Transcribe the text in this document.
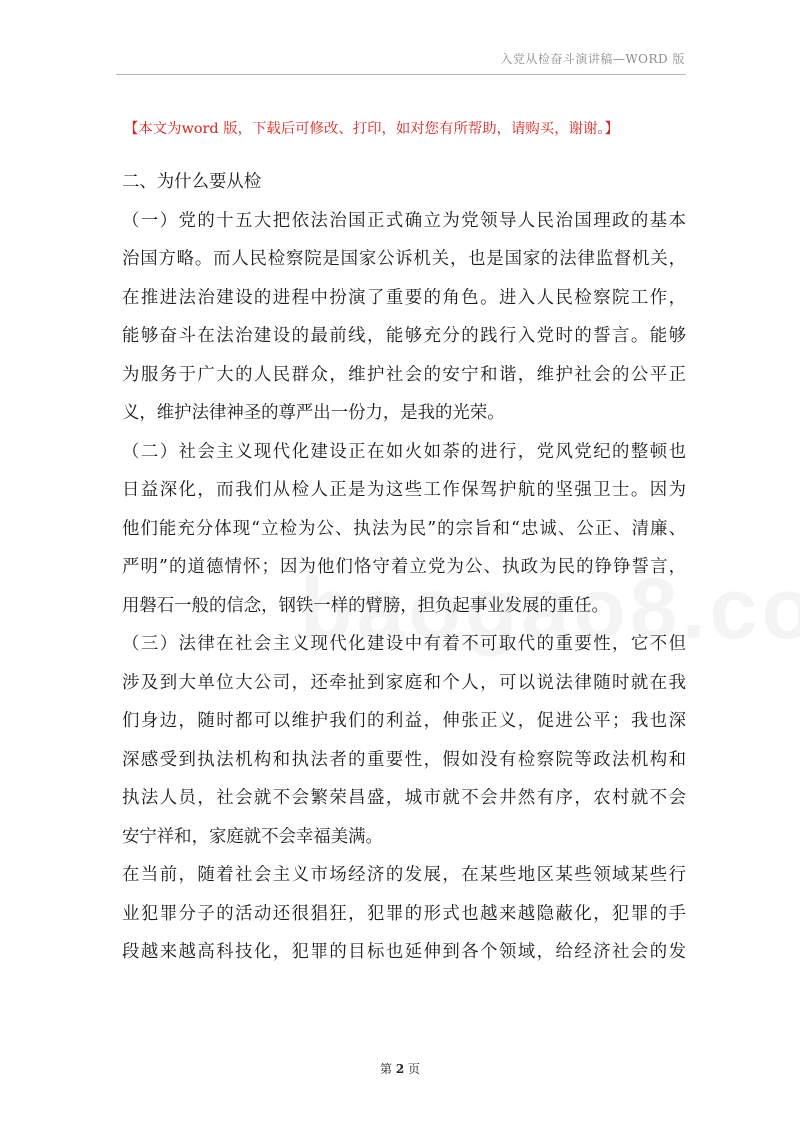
入党从检奋斗演讲稿—WORD 版
【本文为word 版，下载后可修改、打印，如对您有所帮助，请购买，谢谢。】
二、为什么要从检
（一）党的十五大把依法治国正式确立为党领导人民治国理政的基本
治国方略。而人民检察院是国家公诉机关，也是国家的法律监督机关，
在推进法治建设的进程中扮演了重要的角色。进入人民检察院工作，
能够奋斗在法治建设的最前线，能够充分的践行入党时的誓言。能够
为服务于广大的人民群众，维护社会的安宁和谐，维护社会的公平正
义，维护法律神圣的尊严出一份力，是我的光荣。
（二）社会主义现代化建设正在如火如荼的进行，党风党纪的整顿也
日益深化，而我们从检人正是为这些工作保驾护航的坚强卫士。因为
他们能充分体现“立检为公、执法为民”的宗旨和“忠诚、公正、清廉、
严明”的道德情怀；因为他们恪守着立党为公、执政为民的铮铮誓言，
用磐石一般的信念，钢铁一样的臂膀，担负起事业发展的重任。
（三）法律在社会主义现代化建设中有着不可取代的重要性，它不但
涉及到大单位大公司，还牵扯到家庭和个人，可以说法律随时就在我
们身边，随时都可以维护我们的利益，伸张正义，促进公平；我也深
深感受到执法机构和执法者的重要性，假如没有检察院等政法机构和
执法人员，社会就不会繁荣昌盛，城市就不会井然有序，农村就不会
安宁祥和，家庭就不会幸福美满。
在当前，随着社会主义市场经济的发展，在某些地区某些领域某些行
业犯罪分子的活动还很猖狂，犯罪的形式也越来越隐蔽化，犯罪的手
段越来越高科技化，犯罪的目标也延伸到各个领域，给经济社会的发
第 2 页
